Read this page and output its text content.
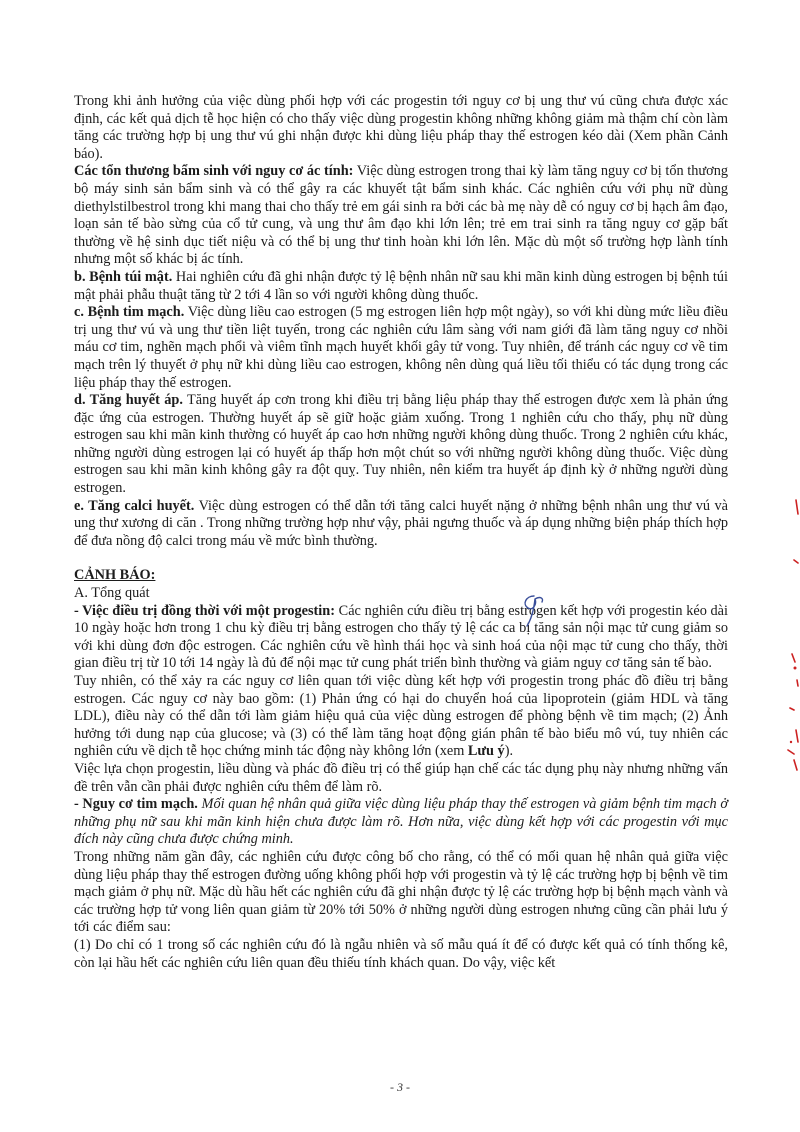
Trong khi ảnh hưởng của việc dùng phối hợp với các progestin tới nguy cơ bị ung thư vú cũng chưa được xác định, các kết quả dịch tễ học hiện có cho thấy việc dùng progestin không những không giảm mà thậm chí còn làm tăng các trường hợp bị ung thư vú ghi nhận được khi dùng liệu pháp thay thế estrogen kéo dài (Xem phần Cảnh báo).

Các tổn thương bẩm sinh với nguy cơ ác tính: Việc dùng estrogen trong thai kỳ làm tăng nguy cơ bị tổn thương bộ máy sinh sản bẩm sinh và có thể gây ra các khuyết tật bẩm sinh khác. Các nghiên cứu với phụ nữ dùng diethylstilbestrol trong khi mang thai cho thấy trẻ em gái sinh ra bởi các bà mẹ này dễ có nguy cơ bị hạch âm đạo, loạn sản tế bào sừng của cổ tử cung, và ung thư âm đạo khi lớn lên; trẻ em trai sinh ra tăng nguy cơ gặp bất thường về hệ sinh dục tiết niệu và có thể bị ung thư tinh hoàn khi lớn lên. Mặc dù một số trường hợp lành tính nhưng một số khác bị ác tính.

b. Bệnh túi mật. Hai nghiên cứu đã ghi nhận được tỷ lệ bệnh nhân nữ sau khi mãn kinh dùng estrogen bị bệnh túi mật phải phẫu thuật tăng từ 2 tới 4 lần so với người không dùng thuốc.

c. Bệnh tim mạch. Việc dùng liều cao estrogen (5 mg estrogen liên hợp một ngày), so với khi dùng mức liều điều trị ung thư vú và ung thư tiền liệt tuyến, trong các nghiên cứu lâm sàng với nam giới đã làm tăng nguy cơ nhồi máu cơ tim, nghẽn mạch phổi và viêm tĩnh mạch huyết khối gây tử vong. Tuy nhiên, để tránh các nguy cơ về tim mạch trên lý thuyết ở phụ nữ khi dùng liều cao estrogen, không nên dùng quá liều tối thiểu có tác dụng trong các liệu pháp thay thế estrogen.

d. Tăng huyết áp. Tăng huyết áp cơn trong khi điều trị bằng liệu pháp thay thế estrogen được xem là phản ứng đặc ứng của estrogen. Thường huyết áp sẽ giữ hoặc giảm xuống. Trong 1 nghiên cứu cho thấy, phụ nữ dùng estrogen sau khi mãn kinh thường có huyết áp cao hơn những người không dùng thuốc. Trong 2 nghiên cứu khác, những người dùng estrogen lại có huyết áp thấp hơn một chút so với những người không dùng thuốc. Việc dùng estrogen sau khi mãn kinh không gây ra đột quỵ. Tuy nhiên, nên kiểm tra huyết áp định kỳ ở những người dùng estrogen.

e. Tăng calci huyết. Việc dùng estrogen có thể dẫn tới tăng calci huyết nặng ở những bệnh nhân ung thư vú và ung thư xương di căn . Trong những trường hợp như vậy, phải ngưng thuốc và áp dụng những biện pháp thích hợp để đưa nồng độ calci trong máu về mức bình thường.

CẢNH BÁO:

A. Tổng quát

- Việc điều trị đồng thời với một progestin: Các nghiên cứu điều trị bằng estrogen kết hợp với progestin kéo dài 10 ngày hoặc hơn trong 1 chu kỳ điều trị bằng estrogen cho thấy tỷ lệ các ca bị tăng sản nội mạc tử cung giảm so với khi dùng đơn độc estrogen. Các nghiên cứu về hình thái học và sinh hoá của nội mạc tử cung cho thấy, thời gian điều trị từ 10 tới 14 ngày là đủ để nội mạc tử cung phát triển bình thường và giảm nguy cơ tăng sản tế bào.

Tuy nhiên, có thể xảy ra các nguy cơ liên quan tới việc dùng kết hợp với progestin trong phác đồ điều trị bằng estrogen. Các nguy cơ này bao gồm: (1) Phản ứng có hại do chuyển hoá của lipoprotein (giảm HDL và tăng LDL), điều này có thể dẫn tới làm giảm hiệu quả của việc dùng estrogen để phòng bệnh về tim mạch; (2) Ảnh hưởng tới dung nạp của glucose; và (3) có thể làm tăng hoạt động gián phân tế bào biểu mô vú, tuy nhiên các nghiên cứu về dịch tễ học chứng minh tác động này không lớn (xem Lưu ý).

Việc lựa chọn progestin, liều dùng và phác đồ điều trị có thể giúp hạn chế các tác dụng phụ này nhưng những vấn đề trên vẫn cần phải được nghiên cứu thêm để làm rõ.

- Nguy cơ tim mạch. Mối quan hệ nhân quả giữa việc dùng liệu pháp thay thế estrogen và giảm bệnh tim mạch ở những phụ nữ sau khi mãn kinh hiện chưa được làm rõ. Hơn nữa, việc dùng kết hợp với các progestin với mục đích này cũng chưa được chứng minh.

Trong những năm gần đây, các nghiên cứu được công bố cho rằng, có thể có mối quan hệ nhân quả giữa việc dùng liệu pháp thay thế estrogen đường uống không phối hợp với progestin và tỷ lệ các trường hợp bị bệnh về tim mạch giảm ở phụ nữ. Mặc dù hầu hết các nghiên cứu đã ghi nhận được tỷ lệ các trường hợp bị bệnh mạch vành và các trường hợp tử vong liên quan giảm từ 20% tới 50% ở những người dùng estrogen nhưng cũng cần phải lưu ý tới các điểm sau:

(1) Do chỉ có 1 trong số các nghiên cứu đó là ngẫu nhiên và số mẫu quá ít để có được kết quả có tính thống kê, còn lại hầu hết các nghiên cứu liên quan đều thiếu tính khách quan. Do vậy, việc kết

- 3 -
